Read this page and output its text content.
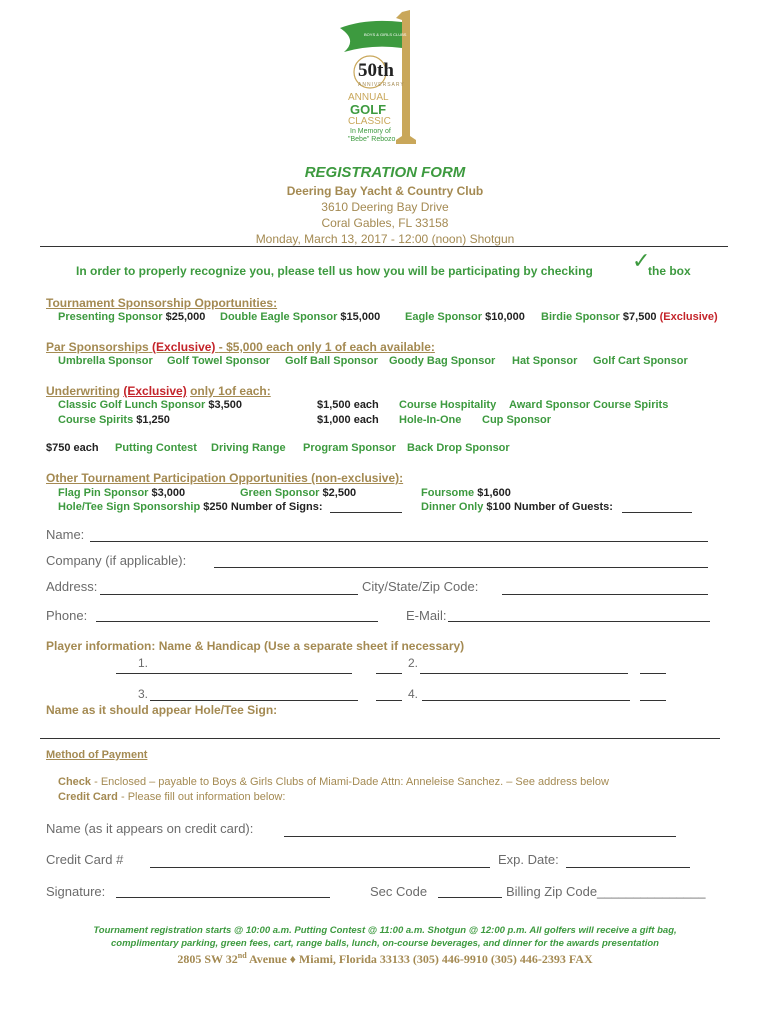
BOYS & GIRLS CLUBS
50th
ANNIVERSARY
ANNUAL
GOLF
CLASSIC
In Memory of
"Bebe" Rebozo
REGISTRATION FORM
Deering Bay Yacht & Country Club
3610 Deering Bay Drive
Coral Gables, FL 33158
Monday, March 13, 2017 - 12:00 (noon) Shotgun
In order to properly recognize you, please tell us how you will be participating by checking ✓
the box
Tournament Sponsorship Opportunities:
Presenting Sponsor $25,000 Double Eagle Sponsor $15,000 Eagle Sponsor $10,000 Birdie Sponsor $7,500 (Exclusive)
Par Sponsorships (Exclusive) - $5,000 each only 1 of each available:
Umbrella Sponsor Golf Towel Sponsor Golf Ball Sponsor Goody Bag Sponsor Hat Sponsor Golf Cart Sponsor
Underwriting (Exclusive) only 1of each:
Classic Golf Lunch Sponsor $3,500
Course Spirits $1,250
$1,500 each Course Hospitality Award Sponsor Course Spirits
$1,000 each Hole-In-One Cup Sponsor
$750 each Putting Contest Driving Range Program Sponsor Back Drop Sponsor
Other Tournament Participation Opportunities (non-exclusive):
Flag Pin Sponsor $3,000	Green Sponsor $2,500	Foursome $1,600
Hole/Tee Sign Sponsorship $250 Number of Signs:	Dinner Only $100 Number of Guests:
Name:
Company (if applicable):
Address:	City/State/Zip Code:
Phone:	E-Mail:
Player information: Name & Handicap (Use a separate sheet if necessary)
1.	2.
3.	4.
Name as it should appear Hole/Tee Sign:
Method of Payment
Check - Enclosed – payable to Boys & Girls Clubs of Miami-Dade Attn: Anneleise Sanchez. – See address below
Credit Card - Please fill out information below:
Name (as it appears on credit card):
Credit Card #	Exp. Date:
Signature:	Sec Code	Billing Zip Code_______________
Tournament registration starts @ 10:00 a.m. Putting Contest @ 11:00 a.m. Shotgun @ 12:00 p.m. All golfers will receive a gift bag,
complimentary parking, green fees, cart, range balls, lunch, on-course beverages, and dinner for the awards presentation
2805 SW 32nd Avenue ♦ Miami, Florida 33133 (305) 446-9910 (305) 446-2393 FAX
